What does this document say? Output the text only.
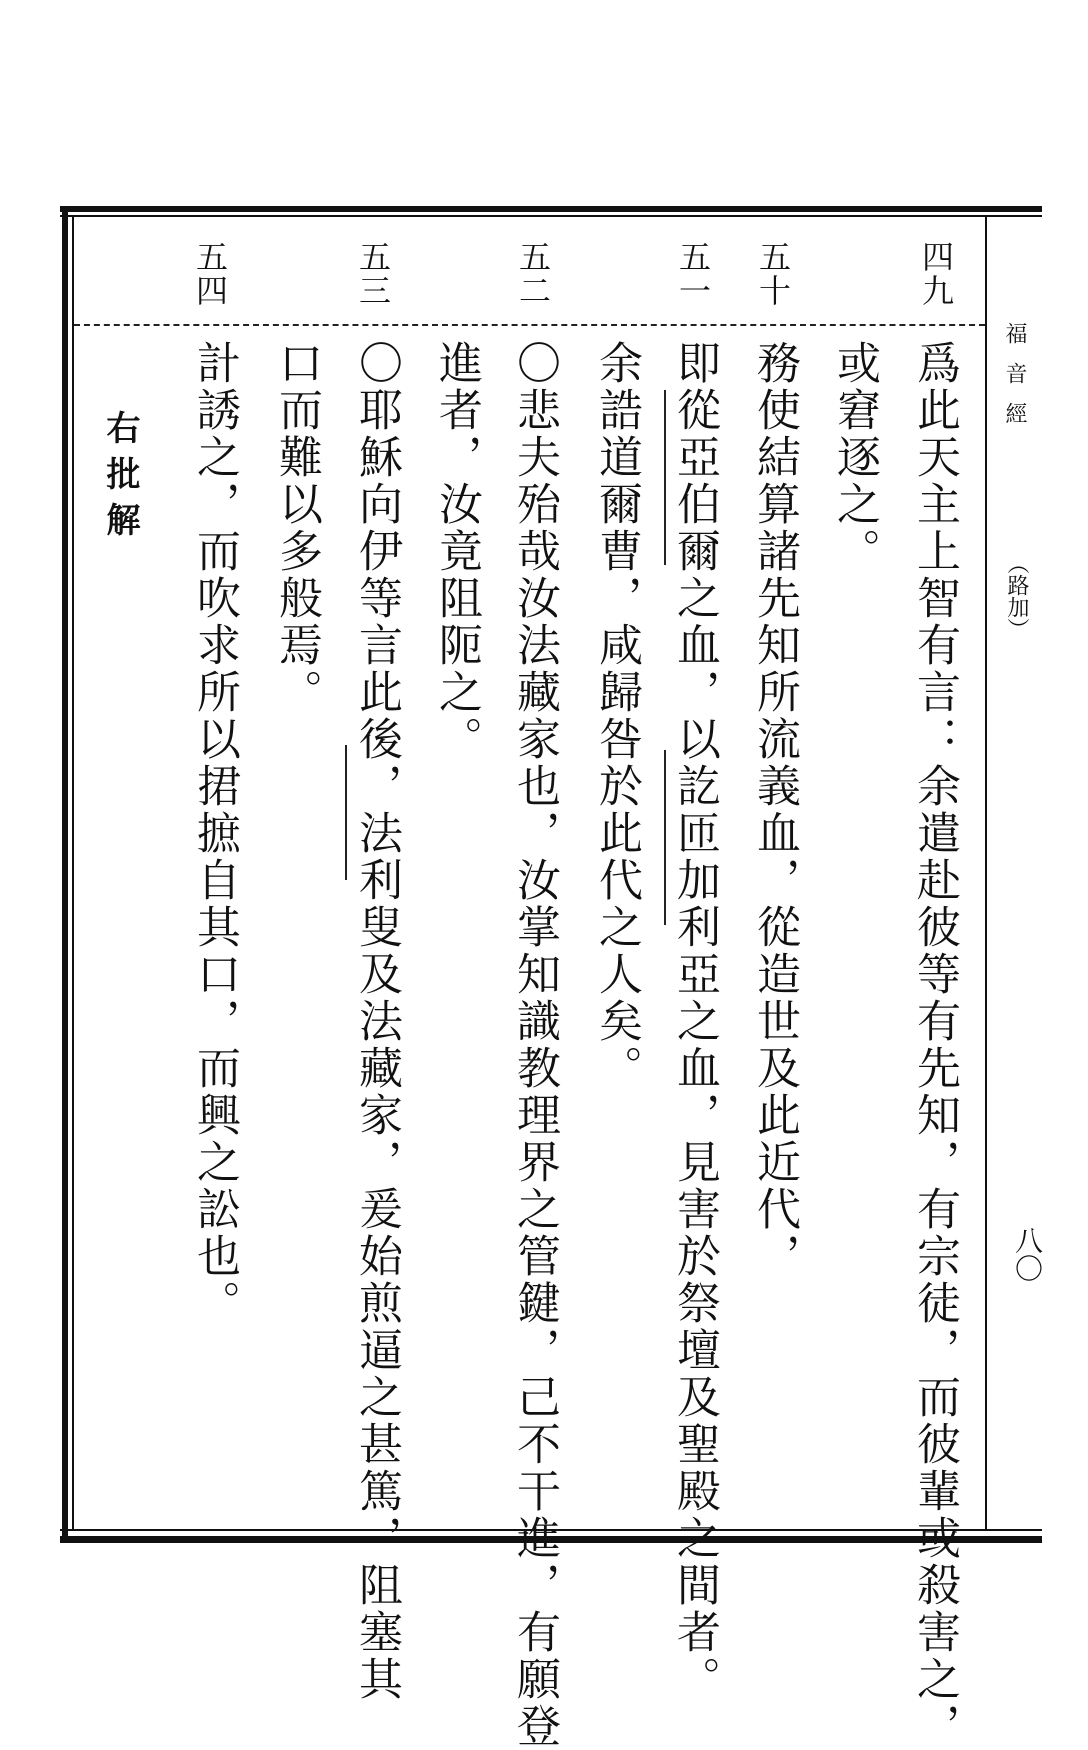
福音經
（路加）
八〇
四九
爲此天主上智有言：余遣赴彼等有先知，有宗徒，而彼輩或殺害之，
或窘逐之。
五十
務使結算諸先知所流義血，從造世及此近代，
五一
即從亞伯爾之血，以訖匝加利亞之血，見害於祭壇及聖殿之間者。
余誥道爾曹，咸歸咎於此代之人矣。
五二
〇悲夫殆哉汝法藏家也，汝掌知識教理界之管鍵，己不干進，有願登
進者，汝竟阻阨之。
五三
〇耶穌向伊等言此後，法利叟及法藏家，爰始煎逼之甚篤，阻塞其
口而難以多般焉。
五四
計誘之，而吹求所以捃摭自其口，而興之訟也。
右批解
